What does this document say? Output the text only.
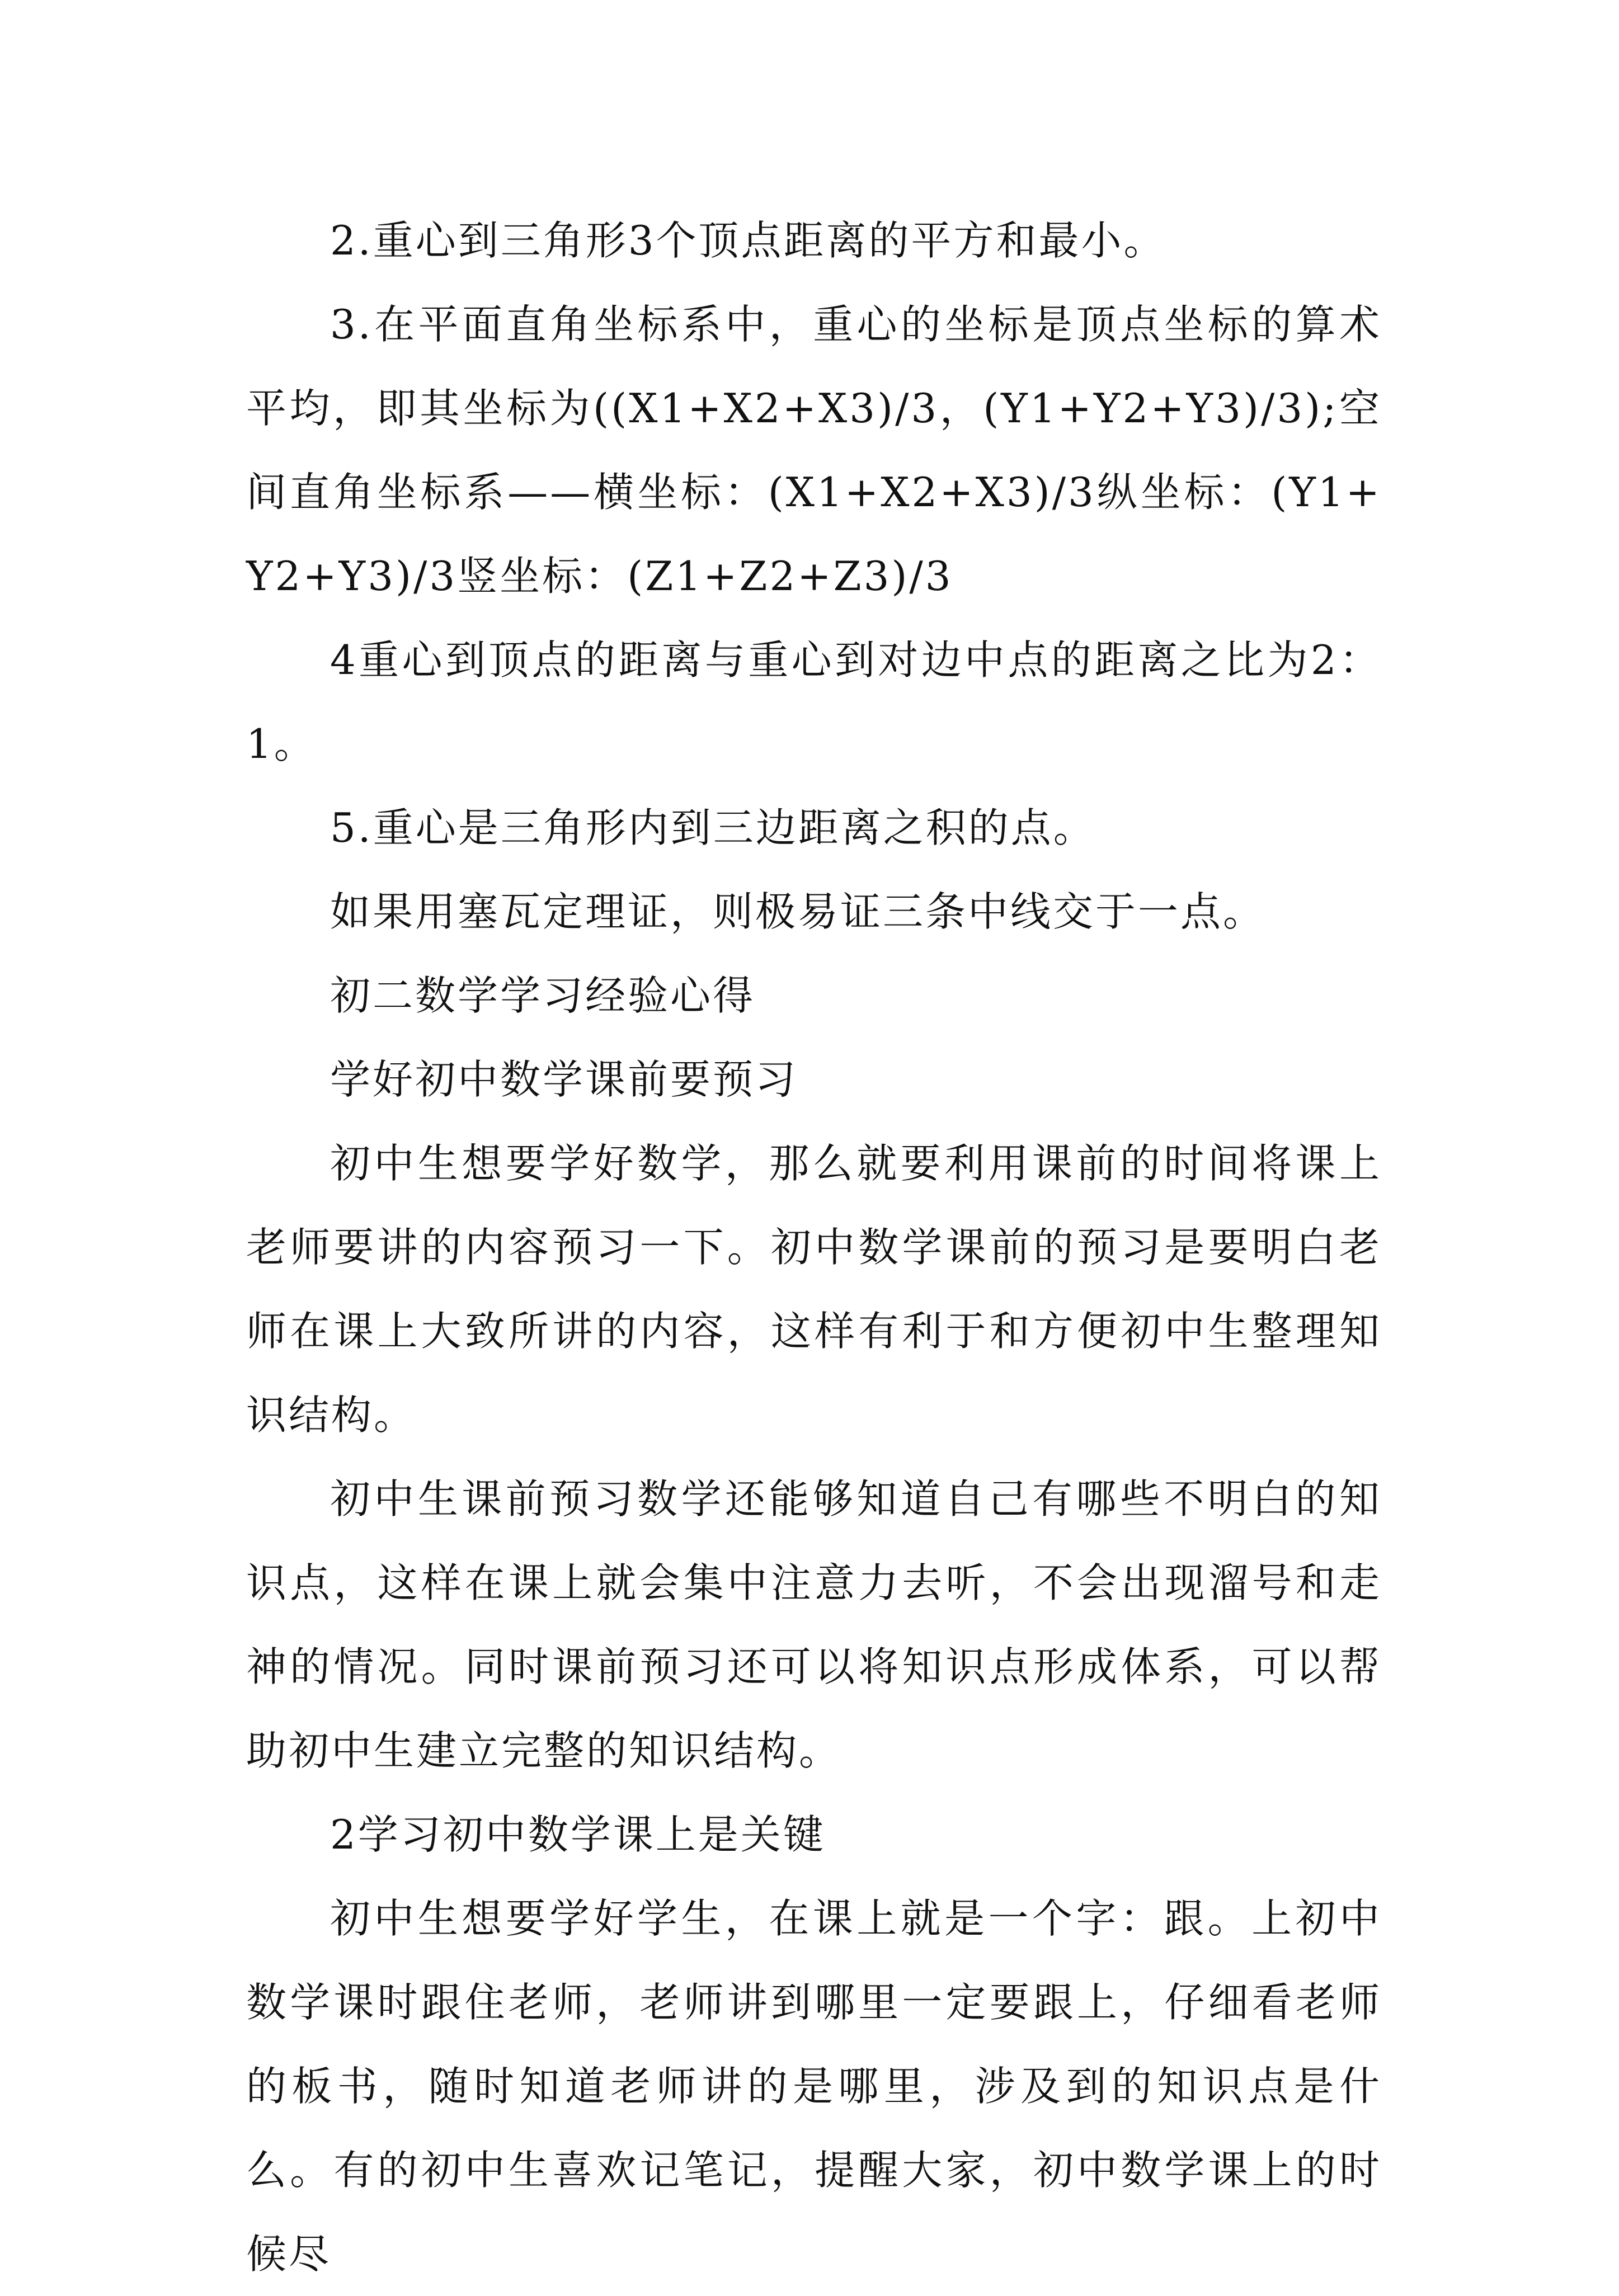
2.重心到三角形3个顶点距离的平方和最小。

3.在平面直角坐标系中，重心的坐标是顶点坐标的算术平均，即其坐标为((X1+X2+X3)/3，(Y1+Y2+Y3)/3);空间直角坐标系——横坐标：(X1+X2+X3)/3纵坐标：(Y1+Y2+Y3)/3竖坐标：(Z1+Z2+Z3)/3

4重心到顶点的距离与重心到对边中点的距离之比为2：1。

5.重心是三角形内到三边距离之积的点。

如果用塞瓦定理证，则极易证三条中线交于一点。

初二数学学习经验心得

学好初中数学课前要预习

初中生想要学好数学，那么就要利用课前的时间将课上老师要讲的内容预习一下。初中数学课前的预习是要明白老师在课上大致所讲的内容，这样有利于和方便初中生整理知识结构。

初中生课前预习数学还能够知道自己有哪些不明白的知识点，这样在课上就会集中注意力去听，不会出现溜号和走神的情况。同时课前预习还可以将知识点形成体系，可以帮助初中生建立完整的知识结构。

2学习初中数学课上是关键

初中生想要学好学生，在课上就是一个字：跟。上初中数学课时跟住老师，老师讲到哪里一定要跟上，仔细看老师的板书，随时知道老师讲的是哪里，涉及到的知识点是什么。有的初中生喜欢记笔记，提醒大家，初中数学课上的时候尽
